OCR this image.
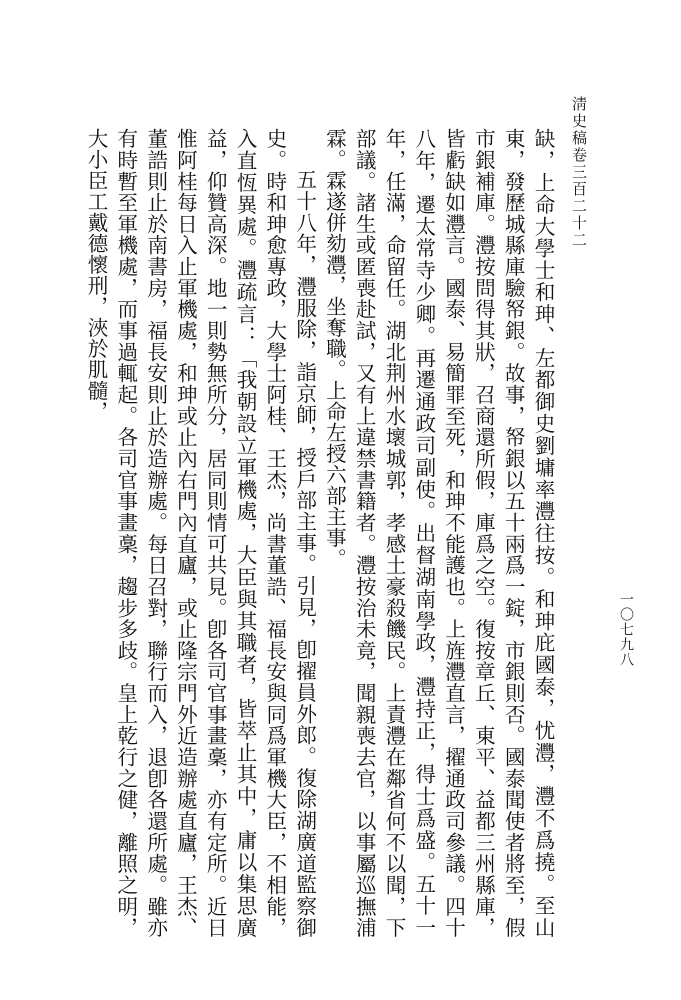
淸史稿卷三百二十二
一〇七九八

缺，上命大學士和珅、左都御史劉墉率灃往按。和珅庇國泰，忧灃，灃不爲撓。至山東，發歷城縣庫驗帑銀。故事，帑銀以五十兩爲一錠，市銀則否。國泰聞使者將至，假市銀補庫。灃按問得其狀，召商還所假，庫爲之空。復按章丘、東平、益都三州縣庫，皆虧缺如灃言。國泰、易簡罪至死，和珅不能護也。上旌灃直言，擢通政司參議。四十八年，遷太常寺少卿。再遷通政司副使。出督湖南學政，灃持正，得士爲盛。五十一年，任滿，命留任。湖北荆州水壞城郭，孝感土豪殺饑民。上責灃在鄰省何不以聞，下部議。諸生或匿喪赴試，又有上違禁書籍者。灃按治未竟，聞親喪去官，以事屬巡撫浦霖。霖遂併劾灃，坐奪職。上命左授六部主事。

五十八年，灃服除，詣京師，授戶部主事。引見，卽擢員外郎。復除湖廣道監察御史。時和珅愈專政，大學士阿桂、王杰，尚書董誥、福長安與同爲軍機大臣，不相能，入直恆異處。灃疏言：「我朝設立軍機處，大臣與其職者，皆萃止其中，庸以集思廣益，仰贊高深。地一則勢無所分，居同則情可共見。卽各司官事畫稾，亦有定所。近日惟阿桂每日入止軍機處，和珅或止內右門內直廬，或止隆宗門外近造辦處直廬，王杰、董誥則止於南書房，福長安則止於造辦處。每日召對，聯行而入，退卽各還所處。雖亦有時暫至軍機處，而事過輒起。各司官事畫稾，趨步多歧。皇上乾行之健，離照之明，大小臣工戴德懷刑，浹於肌髓，
